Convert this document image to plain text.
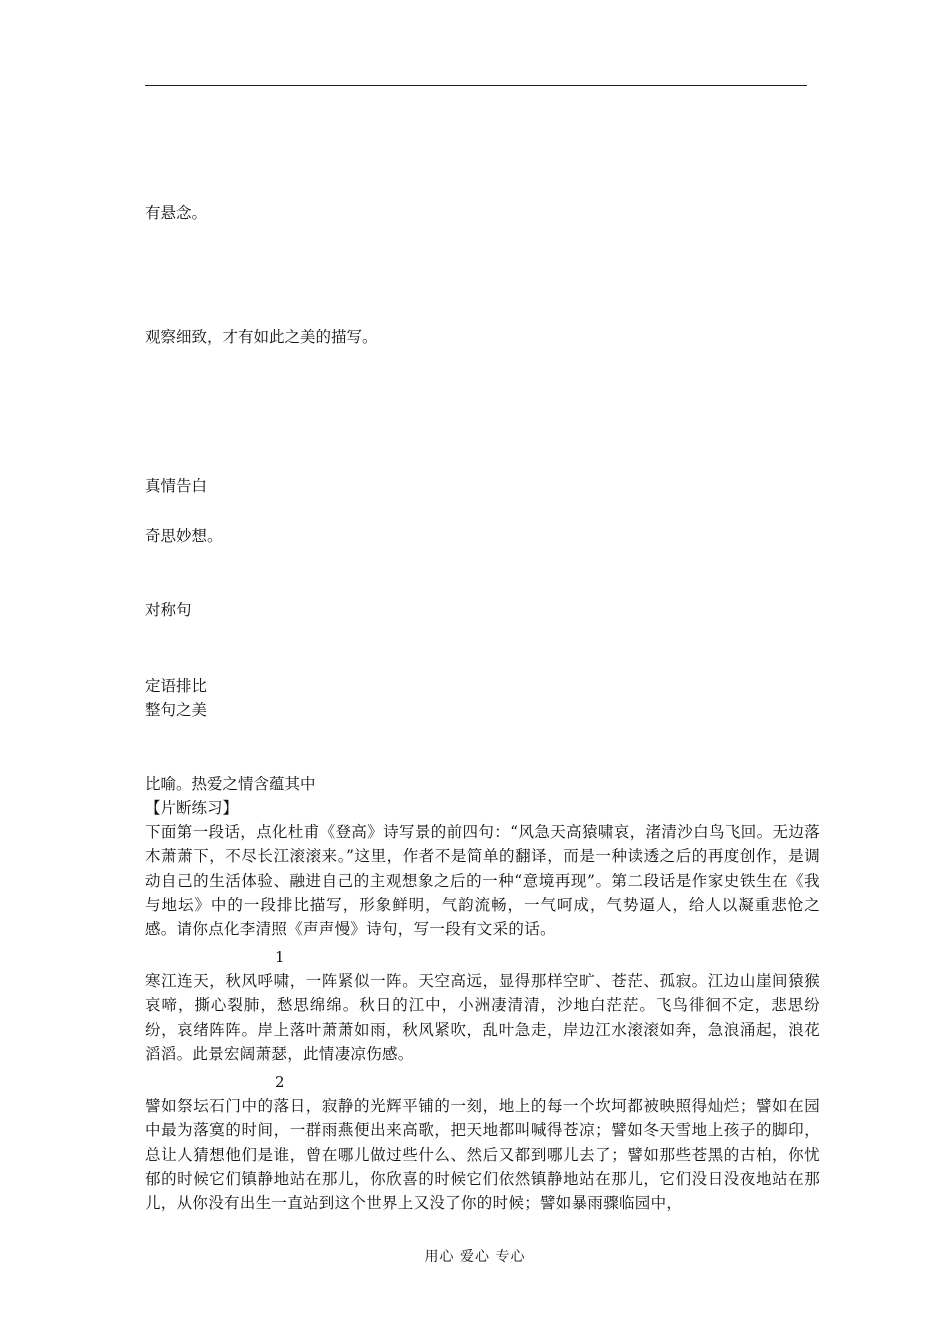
有悬念。
观察细致，才有如此之美的描写。
真情告白
奇思妙想。
对称句
定语排比
整句之美
比喻。热爱之情含蕴其中
【片断练习】
下面第一段话，点化杜甫《登高》诗写景的前四句：“风急天高猿啸哀，渚清沙白鸟飞回。无边落木萧萧下，不尽长江滚滚来。”这里，作者不是简单的翻译，而是一种读透之后的再度创作，是调动自己的生活体验、融进自己的主观想象之后的一种“意境再现”。第二段话是作家史铁生在《我与地坛》中的一段排比描写，形象鲜明，气韵流畅，一气呵成，气势逼人，给人以凝重悲怆之感。请你点化李清照《声声慢》诗句，写一段有文采的话。
1
寒江连天，秋风呼啸，一阵紧似一阵。天空高远，显得那样空旷、苍茫、孤寂。江边山崖间猿猴哀啼，撕心裂肺，愁思绵绵。秋日的江中，小洲凄清清，沙地白茫茫。飞鸟徘徊不定，悲思纷纷，哀绪阵阵。岸上落叶萧萧如雨，秋风紧吹，乱叶急走，岸边江水滚滚如奔，急浪涌起，浪花滔滔。此景宏阔萧瑟，此情凄凉伤感。
2
譬如祭坛石门中的落日，寂静的光辉平铺的一刻，地上的每一个坎坷都被映照得灿烂；譬如在园中最为落寞的时间，一群雨燕便出来高歌，把天地都叫喊得苍凉；譬如冬天雪地上孩子的脚印，总让人猜想他们是谁，曾在哪儿做过些什么、然后又都到哪儿去了；譬如那些苍黑的古柏，你忧郁的时候它们镇静地站在那儿，你欣喜的时候它们依然镇静地站在那儿，它们没日没夜地站在那儿，从你没有出生一直站到这个世界上又没了你的时候；譬如暴雨骤临园中，
用心 爱心 专心
